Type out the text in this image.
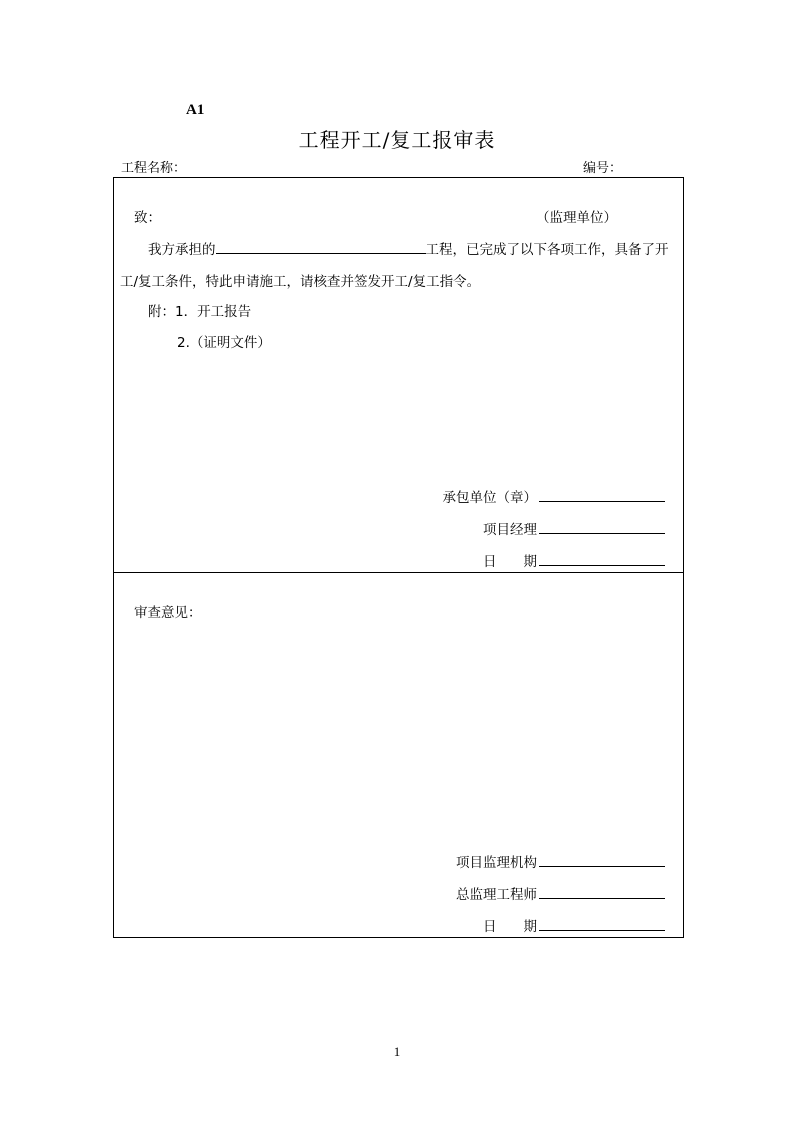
A1
工程开工/复工报审表
工程名称：	编号：
致：	（监理单位）
我方承担的	工程，已完成了以下各项工作，具备了开
工/复工条件，特此申请施工，请核查并签发开工/复工指令。
附：1．开工报告
2.（证明文件）
承包单位（章）
项目经理
日　　期
审查意见：
项目监理机构
总监理工程师
日　　期
1
